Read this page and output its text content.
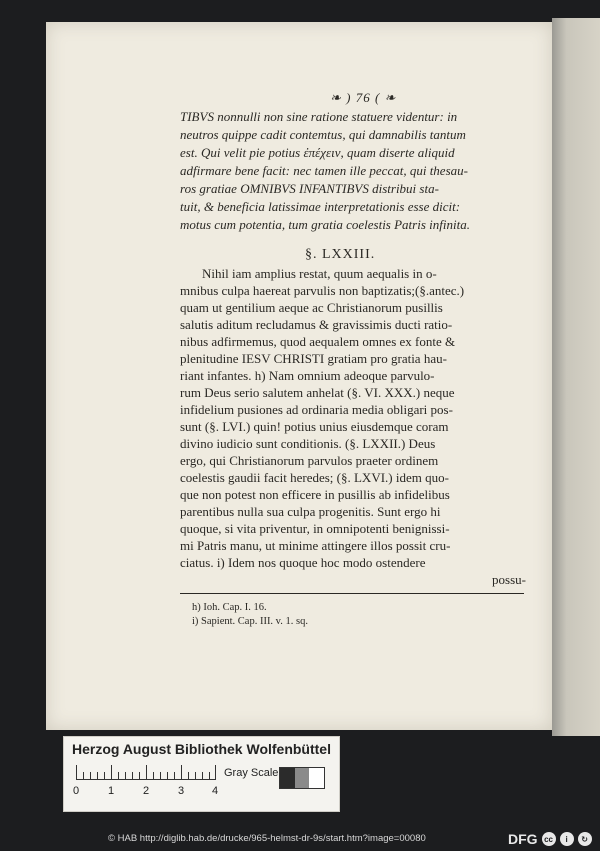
❧ ) 76 ( ❧
TIBVS nonnulli non sine ratione statuere videntur: in
neutros quippe cadit contemtus, qui damnabilis tantum
est. Qui velit pie potius ἐπέχειν, quam diserte aliquid
adfirmare bene facit: nec tamen ille peccat, qui thesau-
ros gratiae OMNIBVS INFANTIBVS distribui sta-
tuit, & beneficia latissimae interpretationis esse dicit:
motus cum potentia, tum gratia coelestis Patris infinita.
§. LXXIII.
Nihil iam amplius restat, quum aequalis in o-
mnibus culpa haereat parvulis non baptizatis;(§.antec.)
quam ut gentilium aeque ac Christianorum pusillis
salutis aditum recludamus & gravissimis ducti ratio-
nibus adfirmemus, quod aequalem omnes ex fonte &
plenitudine IESV CHRISTI gratiam pro gratia hau-
riant infantes. h) Nam omnium adeoque parvulo-
rum Deus serio salutem anhelat (§. VI. XXX.) neque
infidelium pusiones ad ordinaria media obligari pos-
sunt (§. LVI.) quin! potius unius eiusdemque coram
divino iudicio sunt conditionis. (§. LXXII.) Deus
ergo, qui Christianorum parvulos praeter ordinem
coelestis gaudii facit heredes; (§. LXVI.) idem quo-
que non potest non efficere in pusillis ab infidelibus
parentibus nulla sua culpa progenitis. Sunt ergo hi
quoque, si vita priventur, in omnipotenti benignissi-
mi Patris manu, ut minime attingere illos possit cru-
ciatus. i) Idem nos quoque hoc modo ostendere
possu-
h) Ioh. Cap. I. 16.
i) Sapient. Cap. III. v. 1. sq.
Herzog August Bibliothek Wolfenbüttel
0	1	2	3	4
Gray Scale
© HAB http://diglib.hab.de/drucke/965-helmst-dr-9s/start.htm?image=00080	DFG cc	i	↻
